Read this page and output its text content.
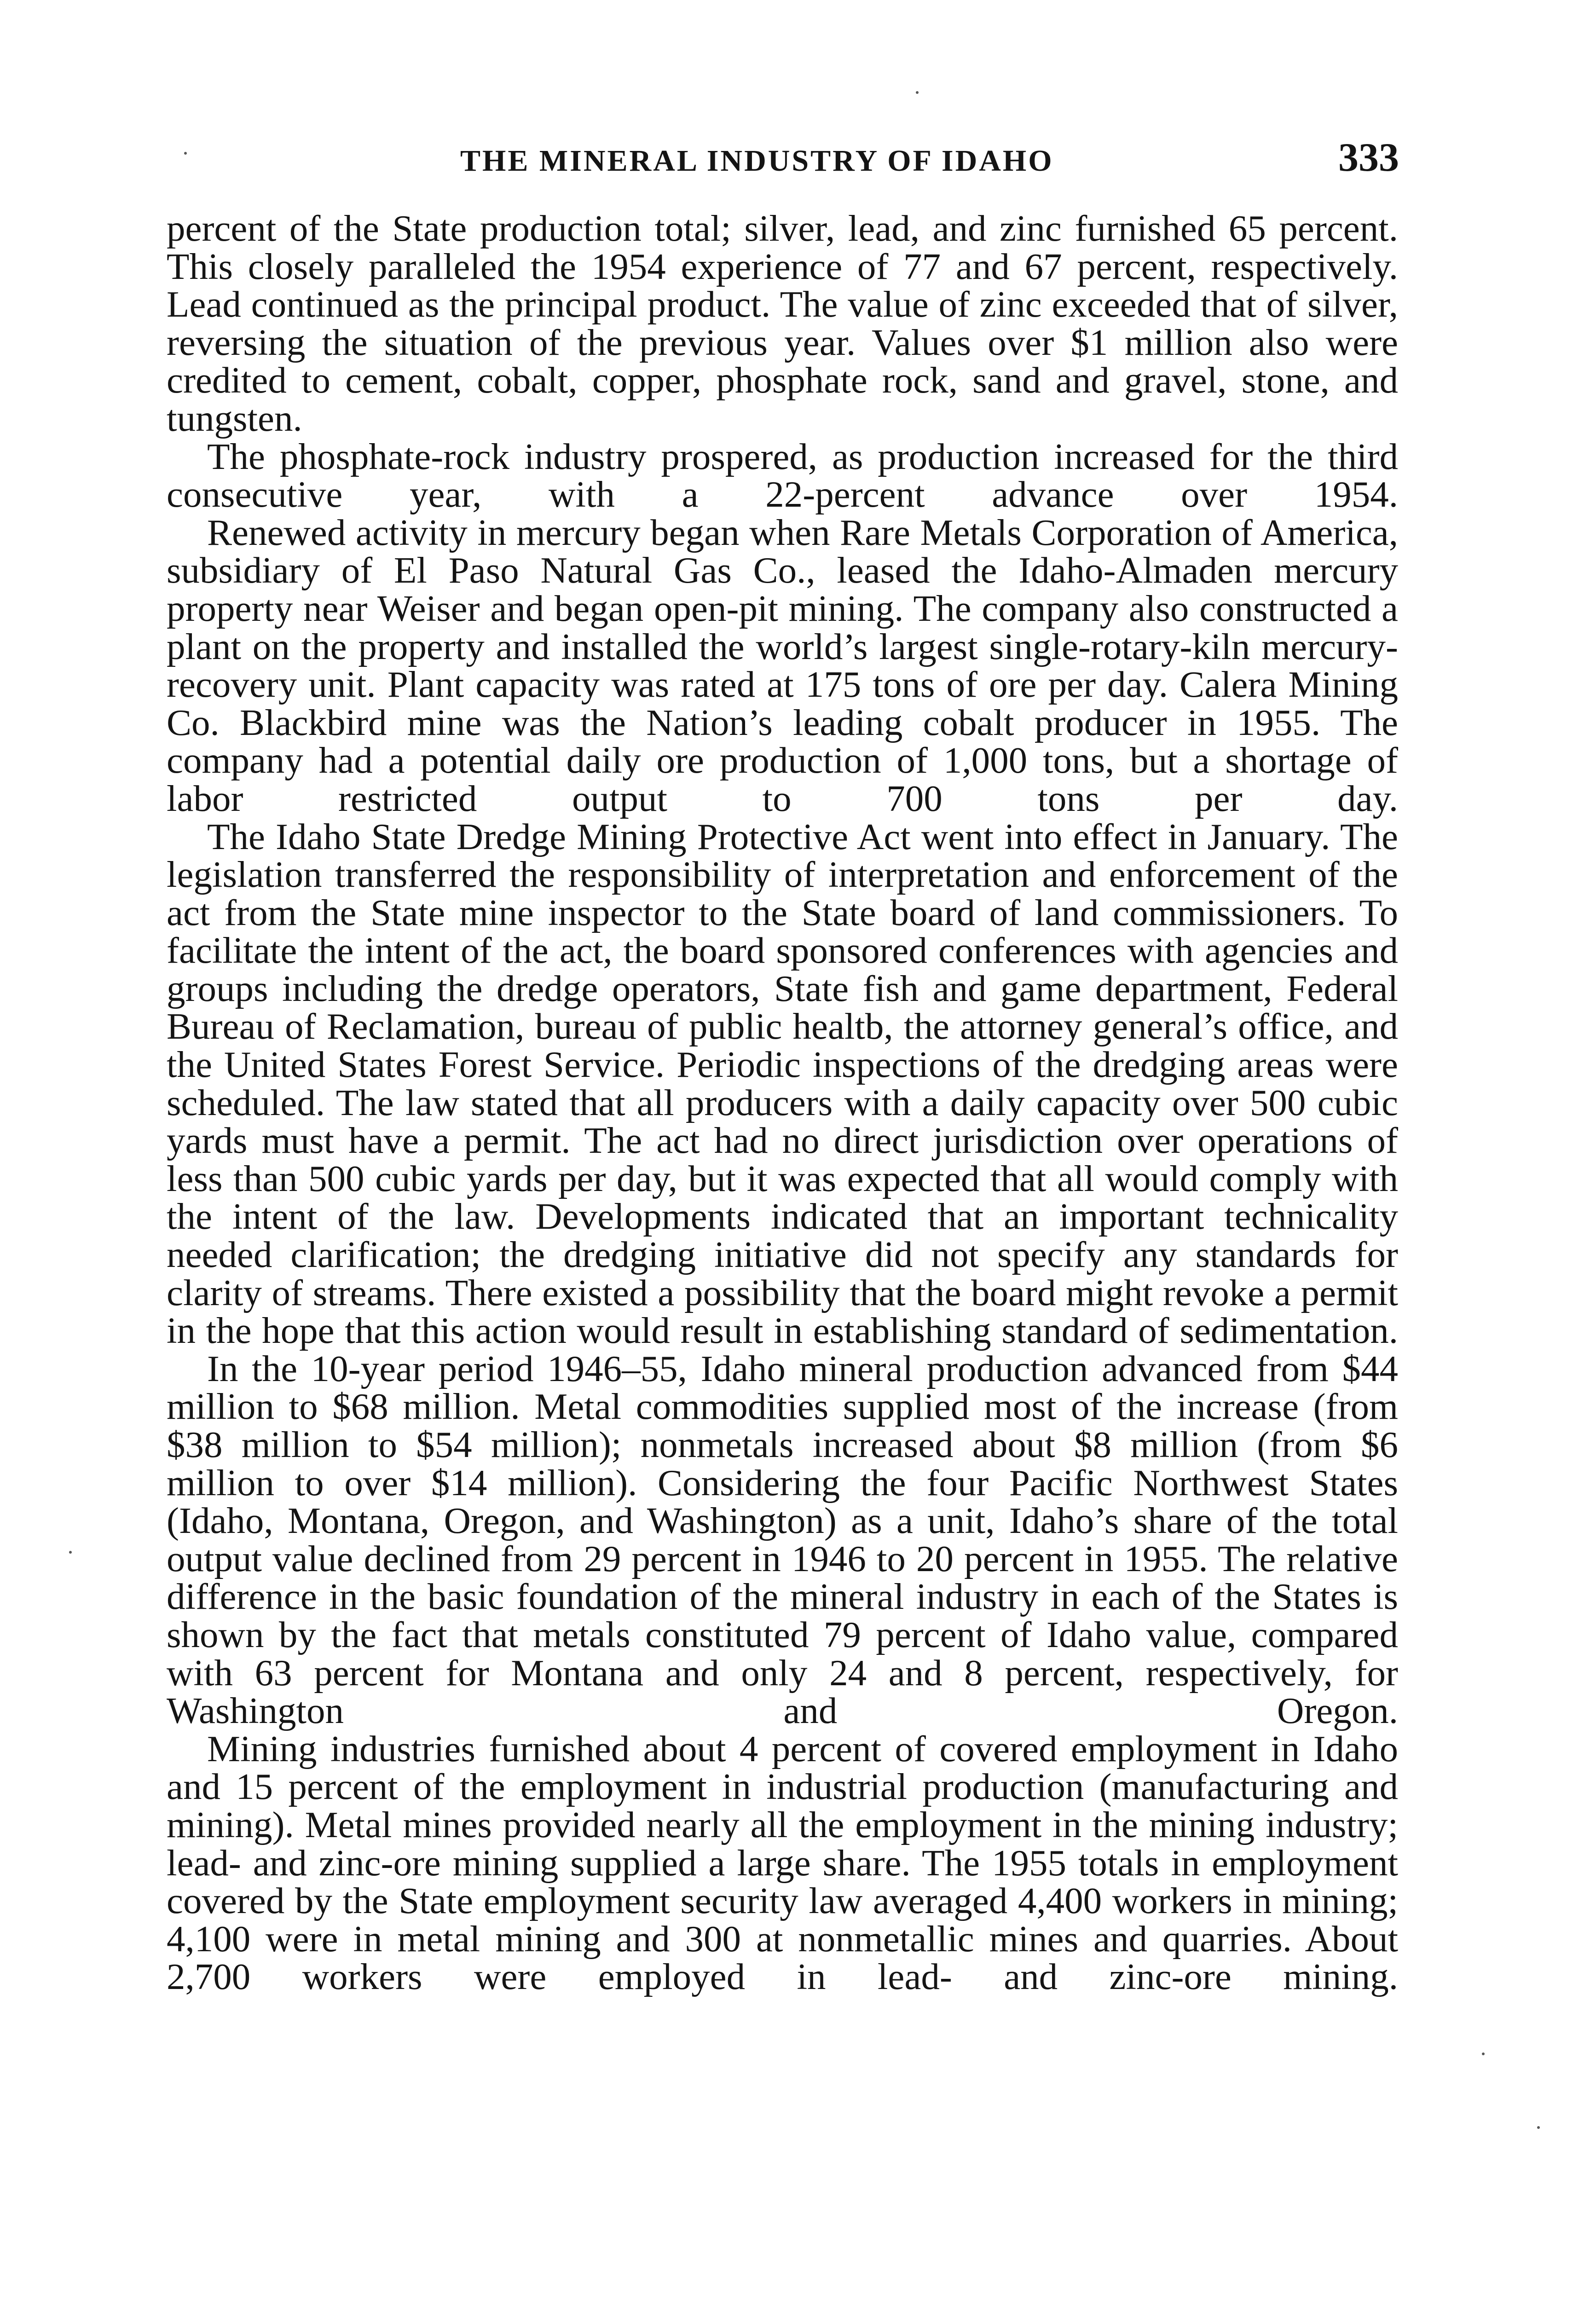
THE MINERAL INDUSTRY OF IDAHO	333

percent of the State production total; silver, lead, and zinc furnished 65 percent. This closely paralleled the 1954 experience of 77 and 67 percent, respectively. Lead continued as the principal product. The value of zinc exceeded that of silver, reversing the situation of the previous year. Values over $1 million also were credited to cement, cobalt, copper, phosphate rock, sand and gravel, stone, and tungsten.

The phosphate-rock industry prospered, as production increased for the third consecutive year, with a 22-percent advance over 1954.

Renewed activity in mercury began when Rare Metals Corporation of America, subsidiary of El Paso Natural Gas Co., leased the Idaho-Almaden mercury property near Weiser and began open-pit mining. The company also constructed a plant on the property and installed the world’s largest single-rotary-kiln mercury-recovery unit. Plant capacity was rated at 175 tons of ore per day. Calera Mining Co. Blackbird mine was the Nation’s leading cobalt producer in 1955. The company had a potential daily ore production of 1,000 tons, but a shortage of labor restricted output to 700 tons per day.

The Idaho State Dredge Mining Protective Act went into effect in January. The legislation transferred the responsibility of interpretation and enforcement of the act from the State mine inspector to the State board of land commissioners. To facilitate the intent of the act, the board sponsored conferences with agencies and groups including the dredge operators, State fish and game department, Federal Bureau of Reclamation, bureau of public healtb, the attorney general’s office, and the United States Forest Service. Periodic inspections of the dredging areas were scheduled. The law stated that all producers with a daily capacity over 500 cubic yards must have a permit. The act had no direct jurisdiction over operations of less than 500 cubic yards per day, but it was expected that all would comply with the intent of the law. Developments indicated that an important technicality needed clarification; the dredging initiative did not specify any standards for clarity of streams. There existed a possibility that the board might revoke a permit in the hope that this action would result in establishing standard of sedimentation.

In the 10-year period 1946–55, Idaho mineral production advanced from $44 million to $68 million. Metal commodities supplied most of the increase (from $38 million to $54 million); nonmetals increased about $8 million (from $6 million to over $14 million). Considering the four Pacific Northwest States (Idaho, Montana, Oregon, and Washington) as a unit, Idaho’s share of the total output value declined from 29 percent in 1946 to 20 percent in 1955. The relative difference in the basic foundation of the mineral industry in each of the States is shown by the fact that metals constituted 79 percent of Idaho value, compared with 63 percent for Montana and only 24 and 8 percent, respectively, for Washington and Oregon.

Mining industries furnished about 4 percent of covered employment in Idaho and 15 percent of the employment in industrial production (manufacturing and mining). Metal mines provided nearly all the employment in the mining industry; lead- and zinc-ore mining supplied a large share. The 1955 totals in employment covered by the State employment security law averaged 4,400 workers in mining; 4,100 were in metal mining and 300 at nonmetallic mines and quarries. About 2,700 workers were employed in lead- and zinc-ore mining.
